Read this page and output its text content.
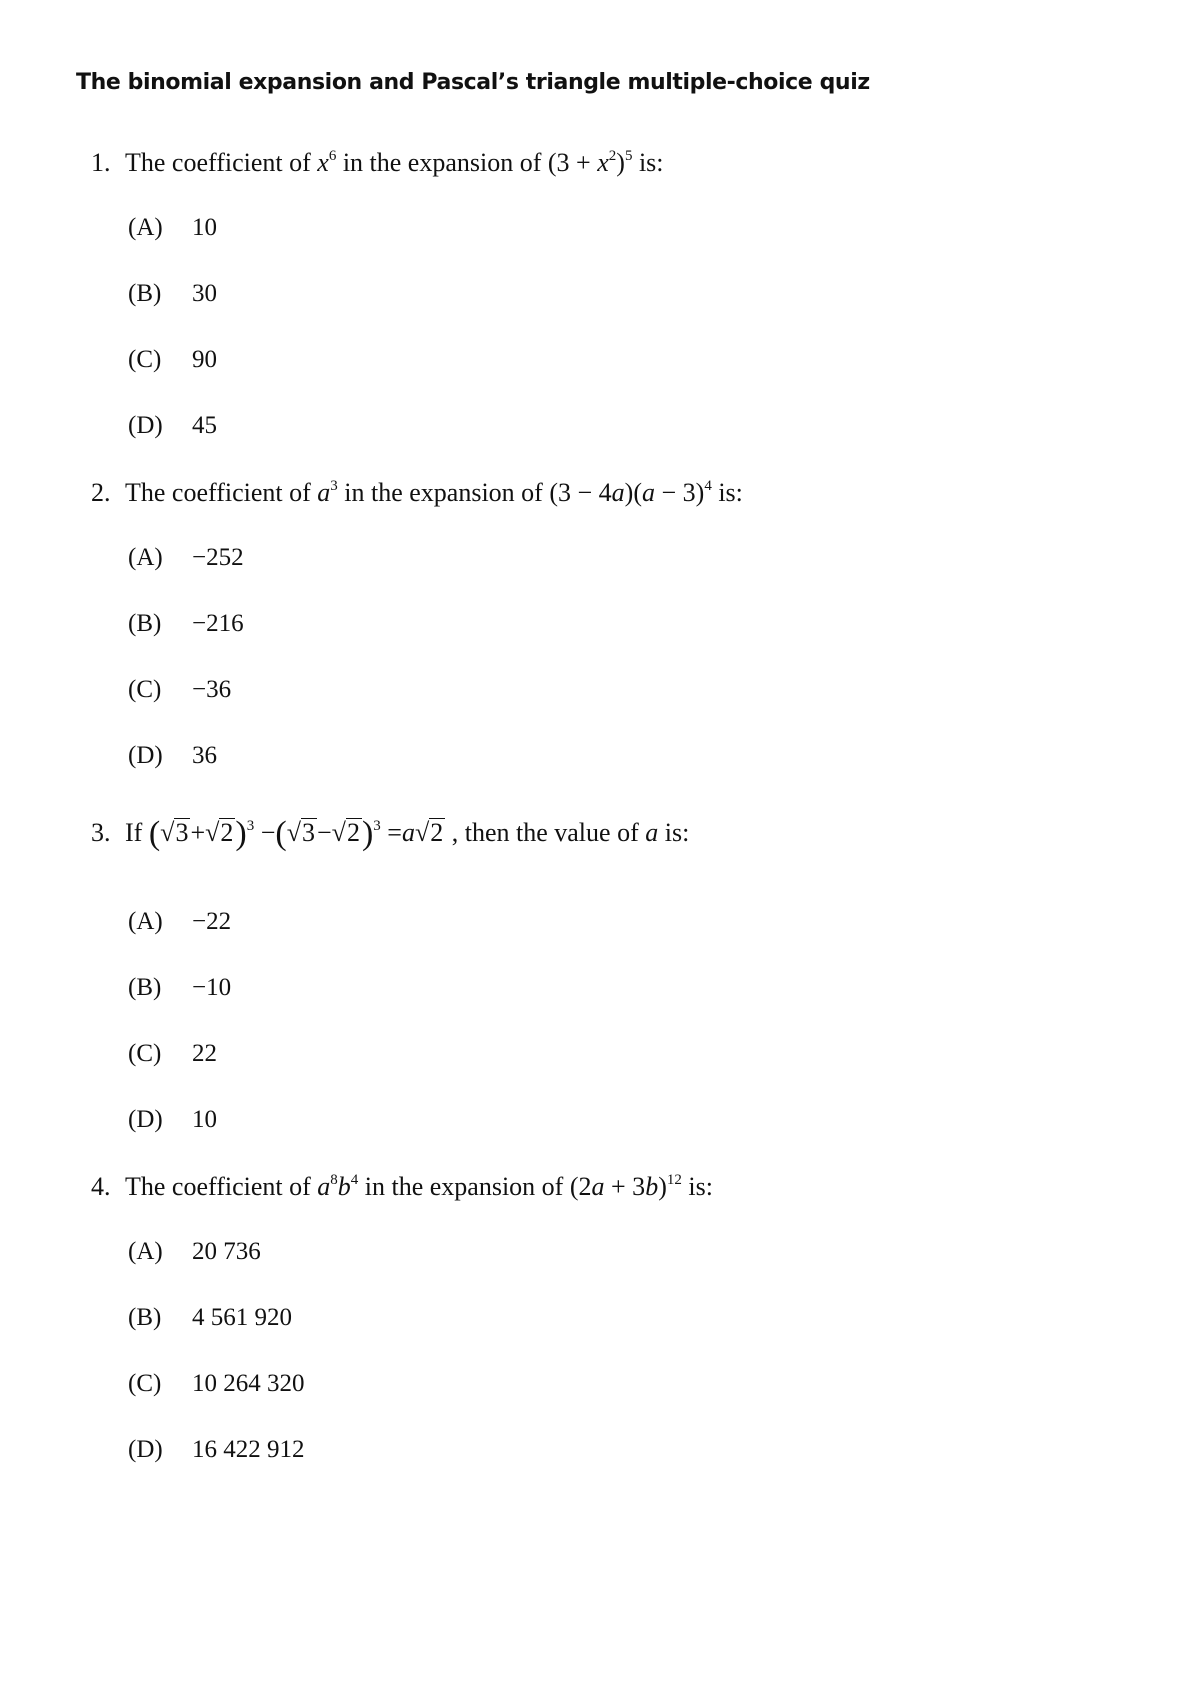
The binomial expansion and Pascal’s triangle multiple-choice quiz
1. The coefficient of $x^6$ in the expansion of $(3 + x^2)^5$ is:
(A) 10
(B) 30
(C) 90
(D) 45
2. The coefficient of $a^3$ in the expansion of $(3 - 4a)(a - 3)^4$ is:
(A) −252
(B) −216
(C) −36
(D) 36
3. If $(√3+√2)^3 -(√3-√2)^3 =a√2$ , then the value of a is:
(A) −22
(B) −10
(C) 22
(D) 10
4. The coefficient of $a^8b^4$ in the expansion of $(2a + 3b)^{12}$ is:
(A) 20 736
(B) 4 561 920
(C) 10 264 320
(D) 16 422 912
